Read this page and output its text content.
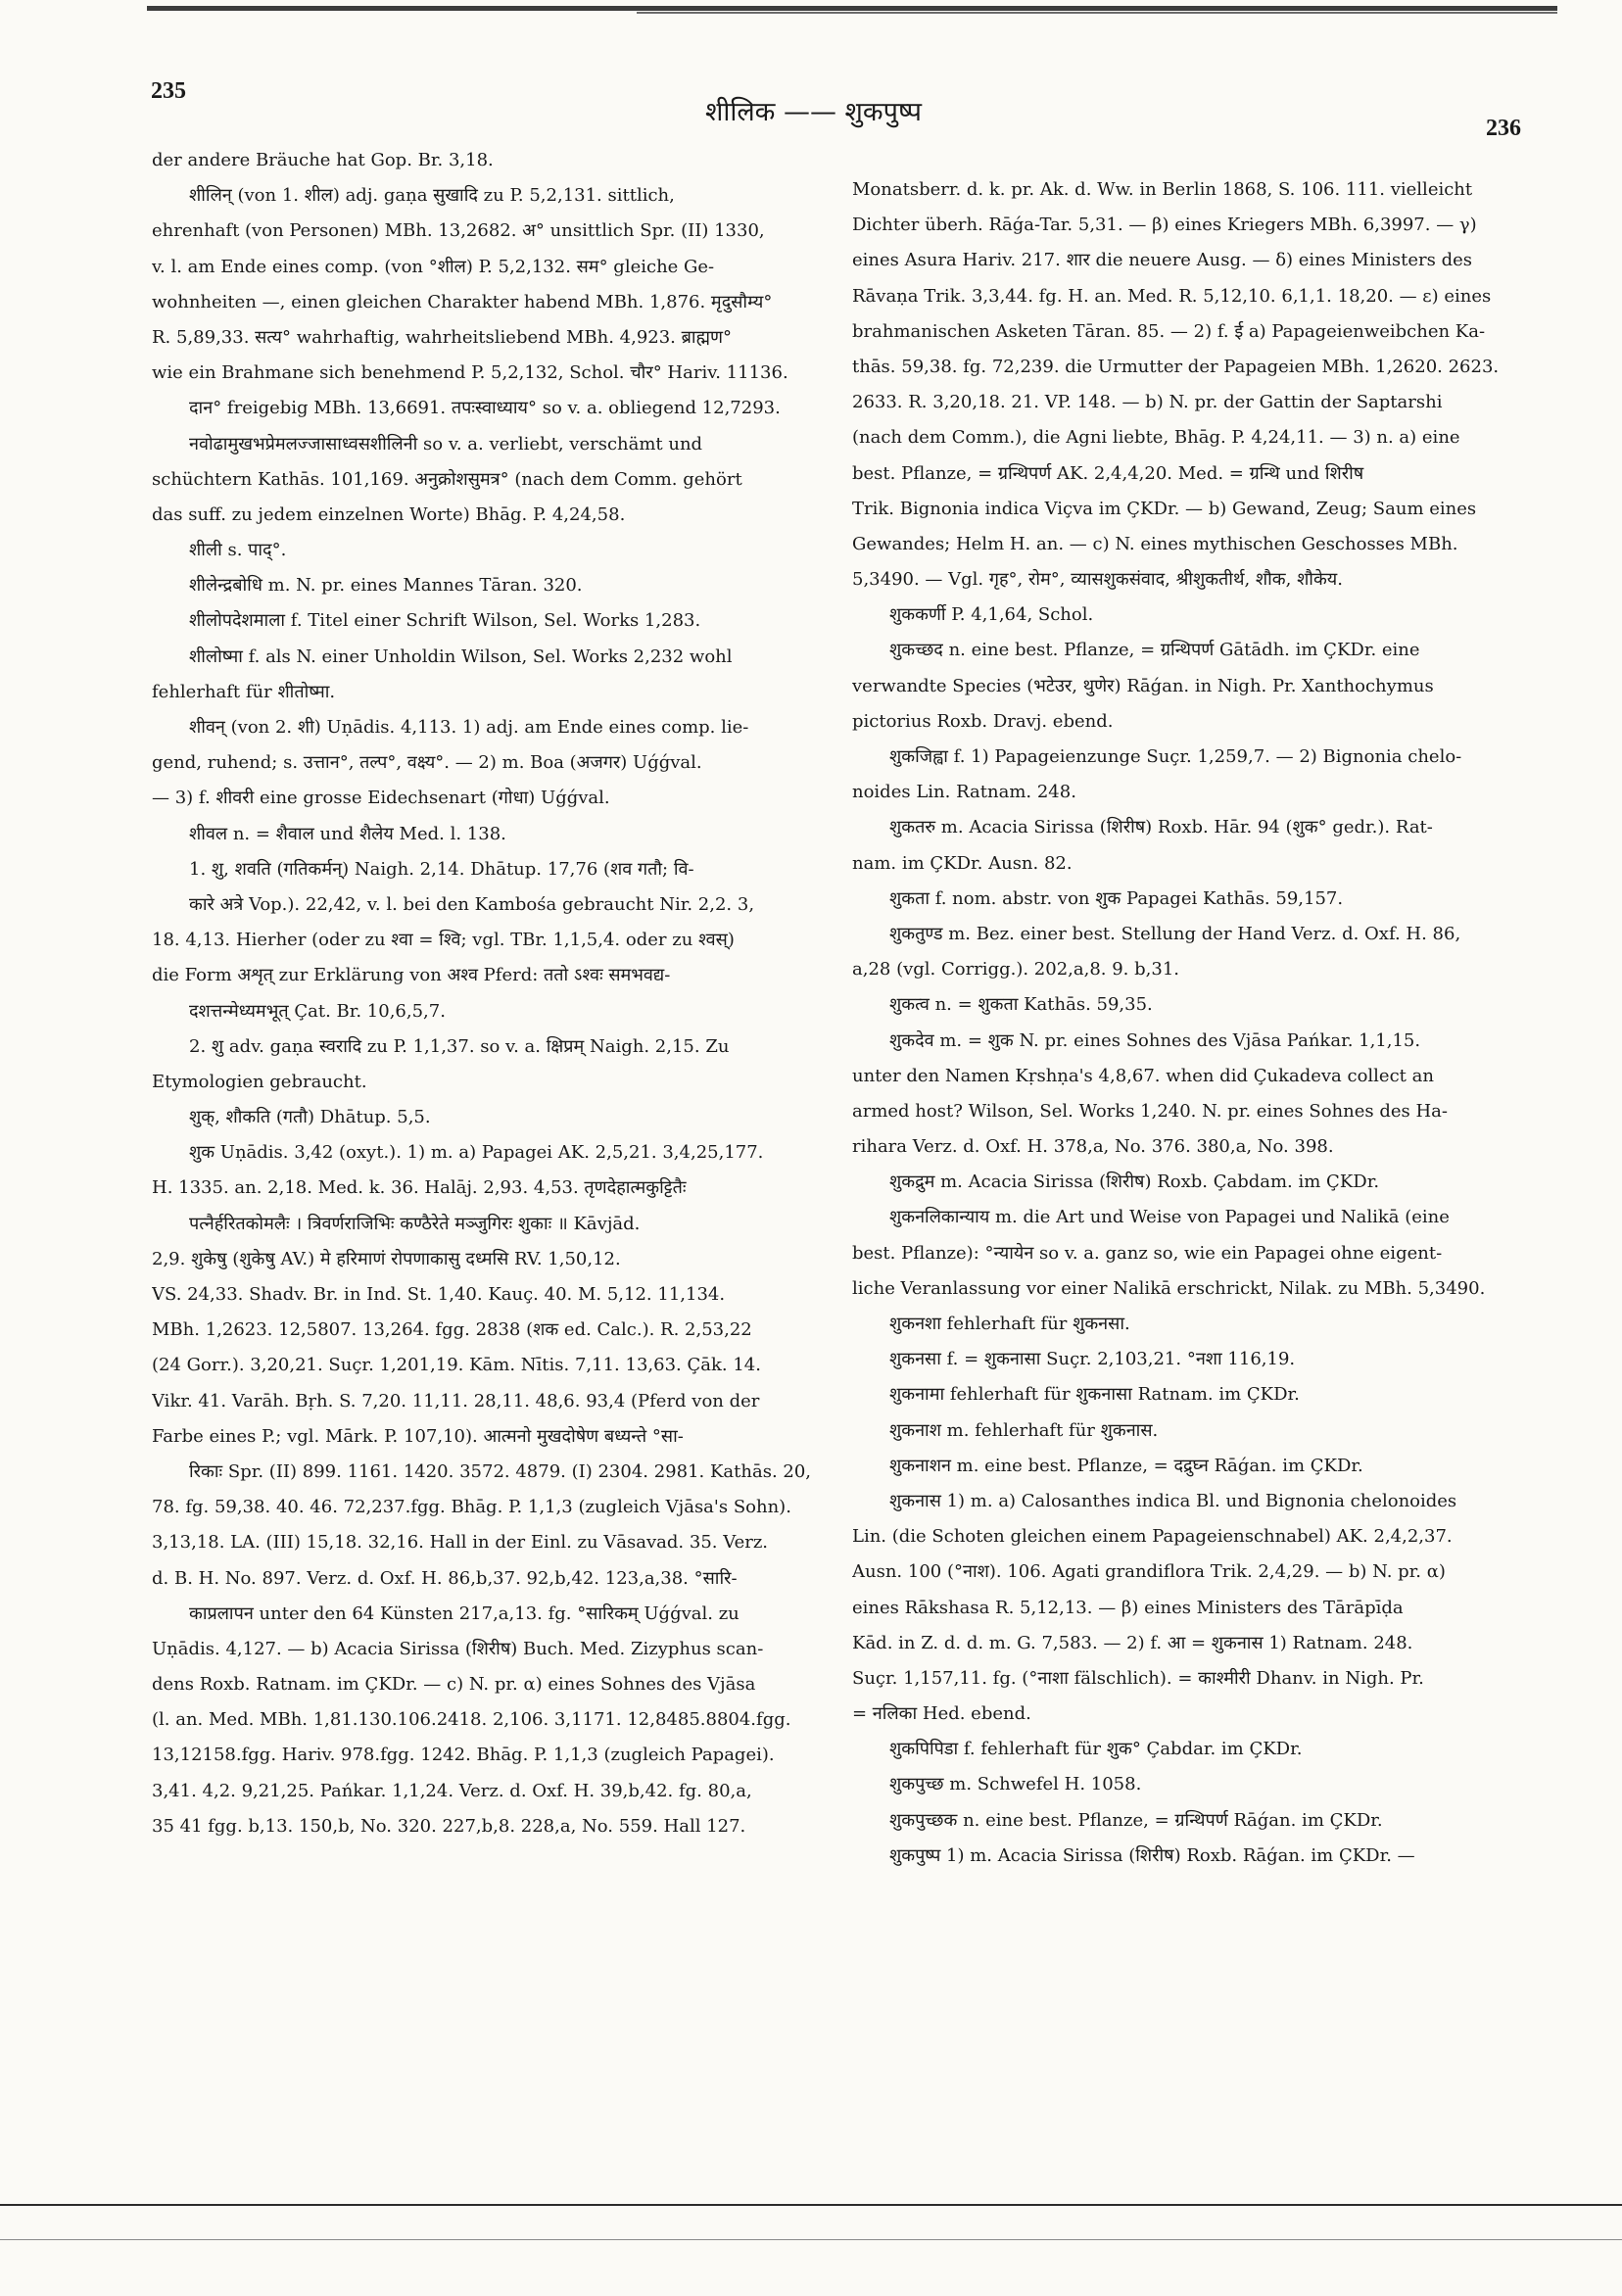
235
शीलिक —— शुकपुष्प
236
der andere Bräuche hat Gop. Br. 3,18.
शीलिन् (von 1. शील) adj. gaṇa सुखादि zu P. 5,2,131. sittlich,
ehrenhaft (von Personen) MBh. 13,2682. अ° unsittlich Spr. (II) 1330,
v. l. am Ende eines comp. (von °शील) P. 5,2,132. सम° gleiche Ge-
wohnheiten —, einen gleichen Charakter habend MBh. 1,876. मृदुसौम्य°
R. 5,89,33. सत्य° wahrhaftig, wahrheitsliebend MBh. 4,923. ब्राह्मण°
wie ein Brahmane sich benehmend P. 5,2,132, Schol. चौर° Hariv. 11136.
दान° freigebig MBh. 13,6691. तपःस्वाध्याय° so v. a. obliegend 12,7293.
नवोढामुखभप्रेमलज्जासाध्वसशीलिनी so v. a. verliebt, verschämt und
schüchtern Kathās. 101,169. अनुक्रोशसुमत्र° (nach dem Comm. gehört
das suff. zu jedem einzelnen Worte) Bhāg. P. 4,24,58.
शीली s. पाद्°.
शीलेन्द्रबोधि m. N. pr. eines Mannes Tāran. 320.
शीलोपदेशमाला f. Titel einer Schrift Wilson, Sel. Works 1,283.
शीलोष्मा f. als N. einer Unholdin Wilson, Sel. Works 2,232 wohl
fehlerhaft für शीतोष्मा.
शीवन् (von 2. शी) Uṇādis. 4,113. 1) adj. am Ende eines comp. lie-
gend, ruhend; s. उत्तान°, तल्प°, वक्ष्य°. — 2) m. Boa (अजगर) Uǵǵval.
— 3) f. शीवरी eine grosse Eidechsenart (गोधा) Uǵǵval.
शीवल n. = शैवाल und शैलेय Med. l. 138.
1. शु, शवति (गतिकर्मन्) Naigh. 2,14. Dhātup. 17,76 (शव गतौ; वि-
कारे अत्रे Vop.). 22,42, v. l. bei den Kambośa gebraucht Nir. 2,2. 3,
18. 4,13. Hierher (oder zu श्वा = श्वि; vgl. TBr. 1,1,5,4. oder zu श्वस्)
die Form अशृत् zur Erklärung von अश्व Pferd: ततो ऽश्वः समभवद्य-
दशत्तन्मेध्यमभूत् Çat. Br. 10,6,5,7.
2. शु adv. gaṇa स्वरादि zu P. 1,1,37. so v. a. क्षिप्रम् Naigh. 2,15. Zu
Etymologien gebraucht.
शुक्, शौकति (गतौ) Dhātup. 5,5.
शुक Uṇādis. 3,42 (oxyt.). 1) m. a) Papagei AK. 2,5,21. 3,4,25,177.
H. 1335. an. 2,18. Med. k. 36. Halāj. 2,93. 4,53. तृणदेहात्मकुट्टितैः
पत्नैर्हरितकोमलैः । त्रिवर्णराजिभिः कण्ठैरेते मञ्जुगिरः शुकाः ॥ Kāvjād.
2,9. शुकेषु (शुकेषु AV.) मे हरिमाणं रोपणाकासु दध्मसि RV. 1,50,12.
VS. 24,33. Shadv. Br. in Ind. St. 1,40. Kauç. 40. M. 5,12. 11,134.
MBh. 1,2623. 12,5807. 13,264. fgg. 2838 (शक ed. Calc.). R. 2,53,22
(24 Gorr.). 3,20,21. Suçr. 1,201,19. Kām. Nītis. 7,11. 13,63. Çāk. 14.
Vikr. 41. Varāh. Bṛh. S. 7,20. 11,11. 28,11. 48,6. 93,4 (Pferd von der
Farbe eines P.; vgl. Mārk. P. 107,10). आत्मनो मुखदोषेण बध्यन्ते °सा-
रिकाः Spr. (II) 899. 1161. 1420. 3572. 4879. (I) 2304. 2981. Kathās. 20,
78. fg. 59,38. 40. 46. 72,237.fgg. Bhāg. P. 1,1,3 (zugleich Vjāsa's Sohn).
3,13,18. LA. (III) 15,18. 32,16. Hall in der Einl. zu Vāsavad. 35. Verz.
d. B. H. No. 897. Verz. d. Oxf. H. 86,b,37. 92,b,42. 123,a,38. °सारि-
काप्रलापन unter den 64 Künsten 217,a,13. fg. °सारिकम् Uǵǵval. zu
Uṇādis. 4,127. — b) Acacia Sirissa (शिरीष) Buch. Med. Zizyphus scan-
dens Roxb. Ratnam. im ÇKDr. — c) N. pr. α) eines Sohnes des Vjāsa
(l. an. Med. MBh. 1,81.130.106.2418. 2,106. 3,1171. 12,8485.8804.fgg.
13,12158.fgg. Hariv. 978.fgg. 1242. Bhāg. P. 1,1,3 (zugleich Papagei).
3,41. 4,2. 9,21,25. Pańkar. 1,1,24. Verz. d. Oxf. H. 39,b,42. fg. 80,a,
35 41 fgg. b,13. 150,b, No. 320. 227,b,8. 228,a, No. 559. Hall 127.
Monatsberr. d. k. pr. Ak. d. Ww. in Berlin 1868, S. 106. 111. vielleicht
Dichter überh. Rāǵa-Tar. 5,31. — β) eines Kriegers MBh. 6,3997. — γ)
eines Asura Hariv. 217. शार die neuere Ausg. — δ) eines Ministers des
Rāvaṇa Trik. 3,3,44. fg. H. an. Med. R. 5,12,10. 6,1,1. 18,20. — ε) eines
brahmanischen Asketen Tāran. 85. — 2) f. ई a) Papageienweibchen Ka-
thās. 59,38. fg. 72,239. die Urmutter der Papageien MBh. 1,2620. 2623.
2633. R. 3,20,18. 21. VP. 148. — b) N. pr. der Gattin der Saptarshi
(nach dem Comm.), die Agni liebte, Bhāg. P. 4,24,11. — 3) n. a) eine
best. Pflanze, = ग्रन्थिपर्ण AK. 2,4,4,20. Med. = ग्रन्थि und शिरीष
Trik. Bignonia indica Viçva im ÇKDr. — b) Gewand, Zeug; Saum eines
Gewandes; Helm H. an. — c) N. eines mythischen Geschosses MBh.
5,3490. — Vgl. गृह°, रोम°, व्यासशुकसंवाद, श्रीशुकतीर्थ, शौक, शौकेय.
शुककर्णी P. 4,1,64, Schol.
शुकच्छद n. eine best. Pflanze, = ग्रन्थिपर्ण Gātādh. im ÇKDr. eine
verwandte Species (भटेउर, थुणेर) Rāǵan. in Nigh. Pr. Xanthochymus
pictorius Roxb. Dravj. ebend.
शुकजिह्वा f. 1) Papageienzunge Suçr. 1,259,7. — 2) Bignonia chelo-
noides Lin. Ratnam. 248.
शुकतरु m. Acacia Sirissa (शिरीष) Roxb. Hār. 94 (शुक° gedr.). Rat-
nam. im ÇKDr. Ausn. 82.
शुकता f. nom. abstr. von शुक Papagei Kathās. 59,157.
शुकतुण्ड m. Bez. einer best. Stellung der Hand Verz. d. Oxf. H. 86,
a,28 (vgl. Corrigg.). 202,a,8. 9. b,31.
शुकत्व n. = शुकता Kathās. 59,35.
शुकदेव m. = शुक N. pr. eines Sohnes des Vjāsa Pańkar. 1,1,15.
unter den Namen Kṛshṇa's 4,8,67. when did Çukadeva collect an
armed host? Wilson, Sel. Works 1,240. N. pr. eines Sohnes des Ha-
rihara Verz. d. Oxf. H. 378,a, No. 376. 380,a, No. 398.
शुकद्रुम m. Acacia Sirissa (शिरीष) Roxb. Çabdam. im ÇKDr.
शुकनलिकान्याय m. die Art und Weise von Papagei und Nalikā (eine
best. Pflanze): °न्यायेन so v. a. ganz so, wie ein Papagei ohne eigent-
liche Veranlassung vor einer Nalikā erschrickt, Nilak. zu MBh. 5,3490.
शुकनशा fehlerhaft für शुकनसा.
शुकनसा f. = शुकनासा Suçr. 2,103,21. °नशा 116,19.
शुकनामा fehlerhaft für शुकनासा Ratnam. im ÇKDr.
शुकनाश m. fehlerhaft für शुकनास.
शुकनाशन m. eine best. Pflanze, = दद्रुघ्न Rāǵan. im ÇKDr.
शुकनास 1) m. a) Calosanthes indica Bl. und Bignonia chelonoides
Lin. (die Schoten gleichen einem Papageienschnabel) AK. 2,4,2,37.
Ausn. 100 (°नाश). 106. Agati grandiflora Trik. 2,4,29. — b) N. pr. α)
eines Rākshasa R. 5,12,13. — β) eines Ministers des Tārāpīḍa
Kād. in Z. d. d. m. G. 7,583. — 2) f. आ = शुकनास 1) Ratnam. 248.
Suçr. 1,157,11. fg. (°नाशा fälschlich). = काश्मीरी Dhanv. in Nigh. Pr.
= नलिका Hed. ebend.
शुकपिपिडा f. fehlerhaft für शुक° Çabdar. im ÇKDr.
शुकपुच्छ m. Schwefel H. 1058.
शुकपुच्छक n. eine best. Pflanze, = ग्रन्थिपर्ण Rāǵan. im ÇKDr.
शुकपुष्प 1) m. Acacia Sirissa (शिरीष) Roxb. Rāǵan. im ÇKDr. —
